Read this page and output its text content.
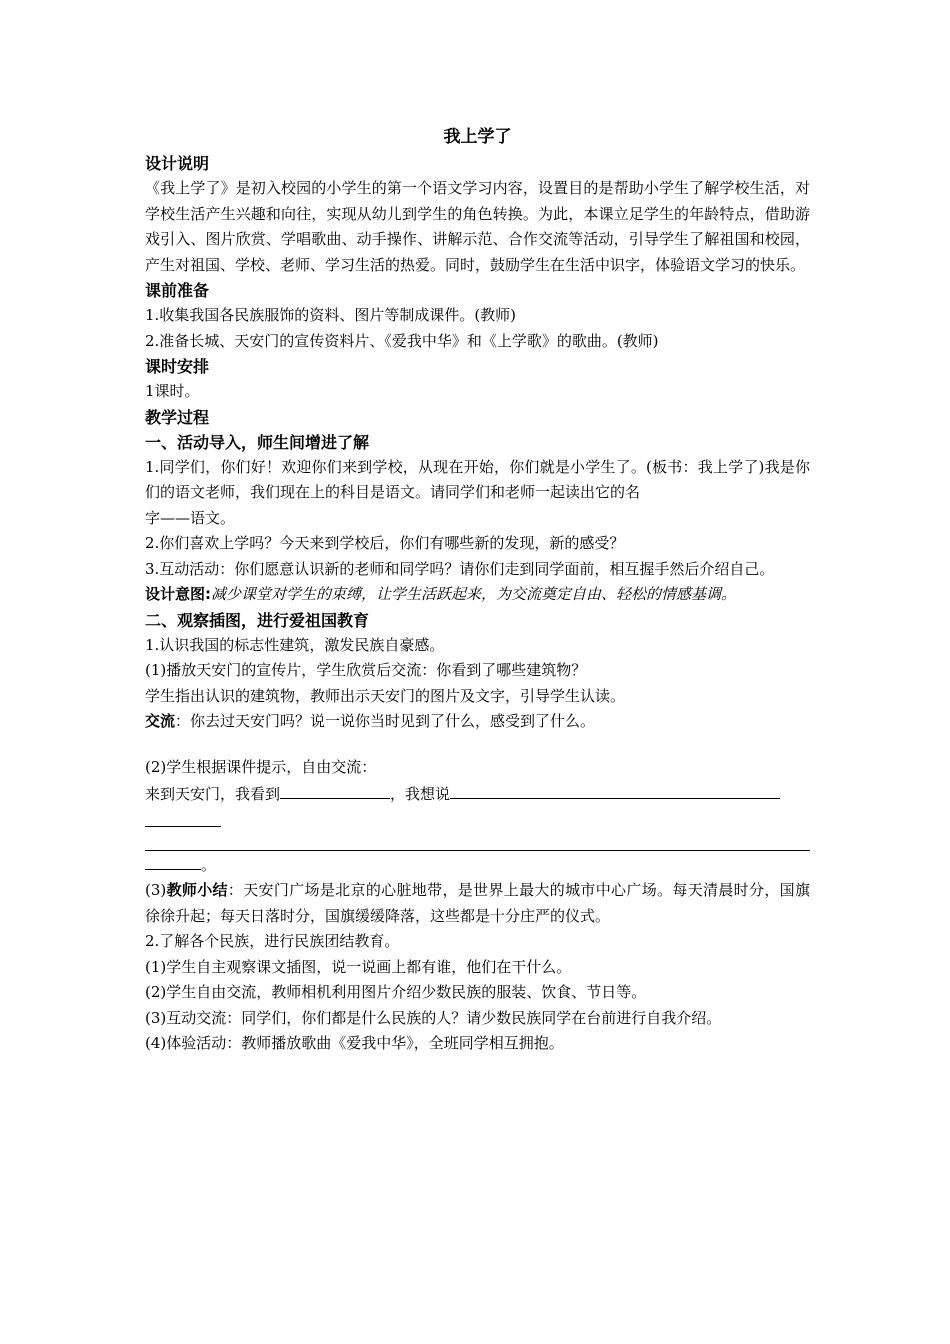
我上学了
设计说明
《我上学了》是初入校园的小学生的第一个语文学习内容，设置目的是帮助小学生了解学校生活，对学校生活产生兴趣和向往，实现从幼儿到学生的角色转换。为此，本课立足学生的年龄特点，借助游戏引入、图片欣赏、学唱歌曲、动手操作、讲解示范、合作交流等活动，引导学生了解祖国和校园，产生对祖国、学校、老师、学习生活的热爱。同时，鼓励学生在生活中识字，体验语文学习的快乐。
课前准备
1.收集我国各民族服饰的资料、图片等制成课件。(教师)
2.准备长城、天安门的宣传资料片、《爱我中华》和《上学歌》的歌曲。(教师)
课时安排
1课时。
教学过程
一、活动导入，师生间增进了解
1.同学们，你们好！欢迎你们来到学校，从现在开始，你们就是小学生了。(板书：我上学了)我是你们的语文老师，我们现在上的科目是语文。请同学们和老师一起读出它的名
字——语文。
2.你们喜欢上学吗？今天来到学校后，你们有哪些新的发现，新的感受？
3.互动活动：你们愿意认识新的老师和同学吗？请你们走到同学面前，相互握手然后介绍自己。
设计意图:减少课堂对学生的束缚，让学生活跃起来，为交流奠定自由、轻松的情感基调。
二、观察插图，进行爱祖国教育
1.认识我国的标志性建筑，激发民族自豪感。
(1)播放天安门的宣传片，学生欣赏后交流：你看到了哪些建筑物？
学生指出认识的建筑物，教师出示天安门的图片及文字，引导学生认读。
交流：你去过天安门吗？说一说你当时见到了什么，感受到了什么。
(2)学生根据课件提示，自由交流：
来到天安门，我看到	，我想说
。
(3)教师小结：天安门广场是北京的心脏地带，是世界上最大的城市中心广场。每天清晨时分，国旗徐徐升起；每天日落时分，国旗缓缓降落，这些都是十分庄严的仪式。
2.了解各个民族，进行民族团结教育。
(1)学生自主观察课文插图，说一说画上都有谁，他们在干什么。
(2)学生自由交流，教师相机利用图片介绍少数民族的服装、饮食、节日等。
(3)互动交流：同学们，你们都是什么民族的人？请少数民族同学在台前进行自我介绍。
(4)体验活动：教师播放歌曲《爱我中华》，全班同学相互拥抱。
